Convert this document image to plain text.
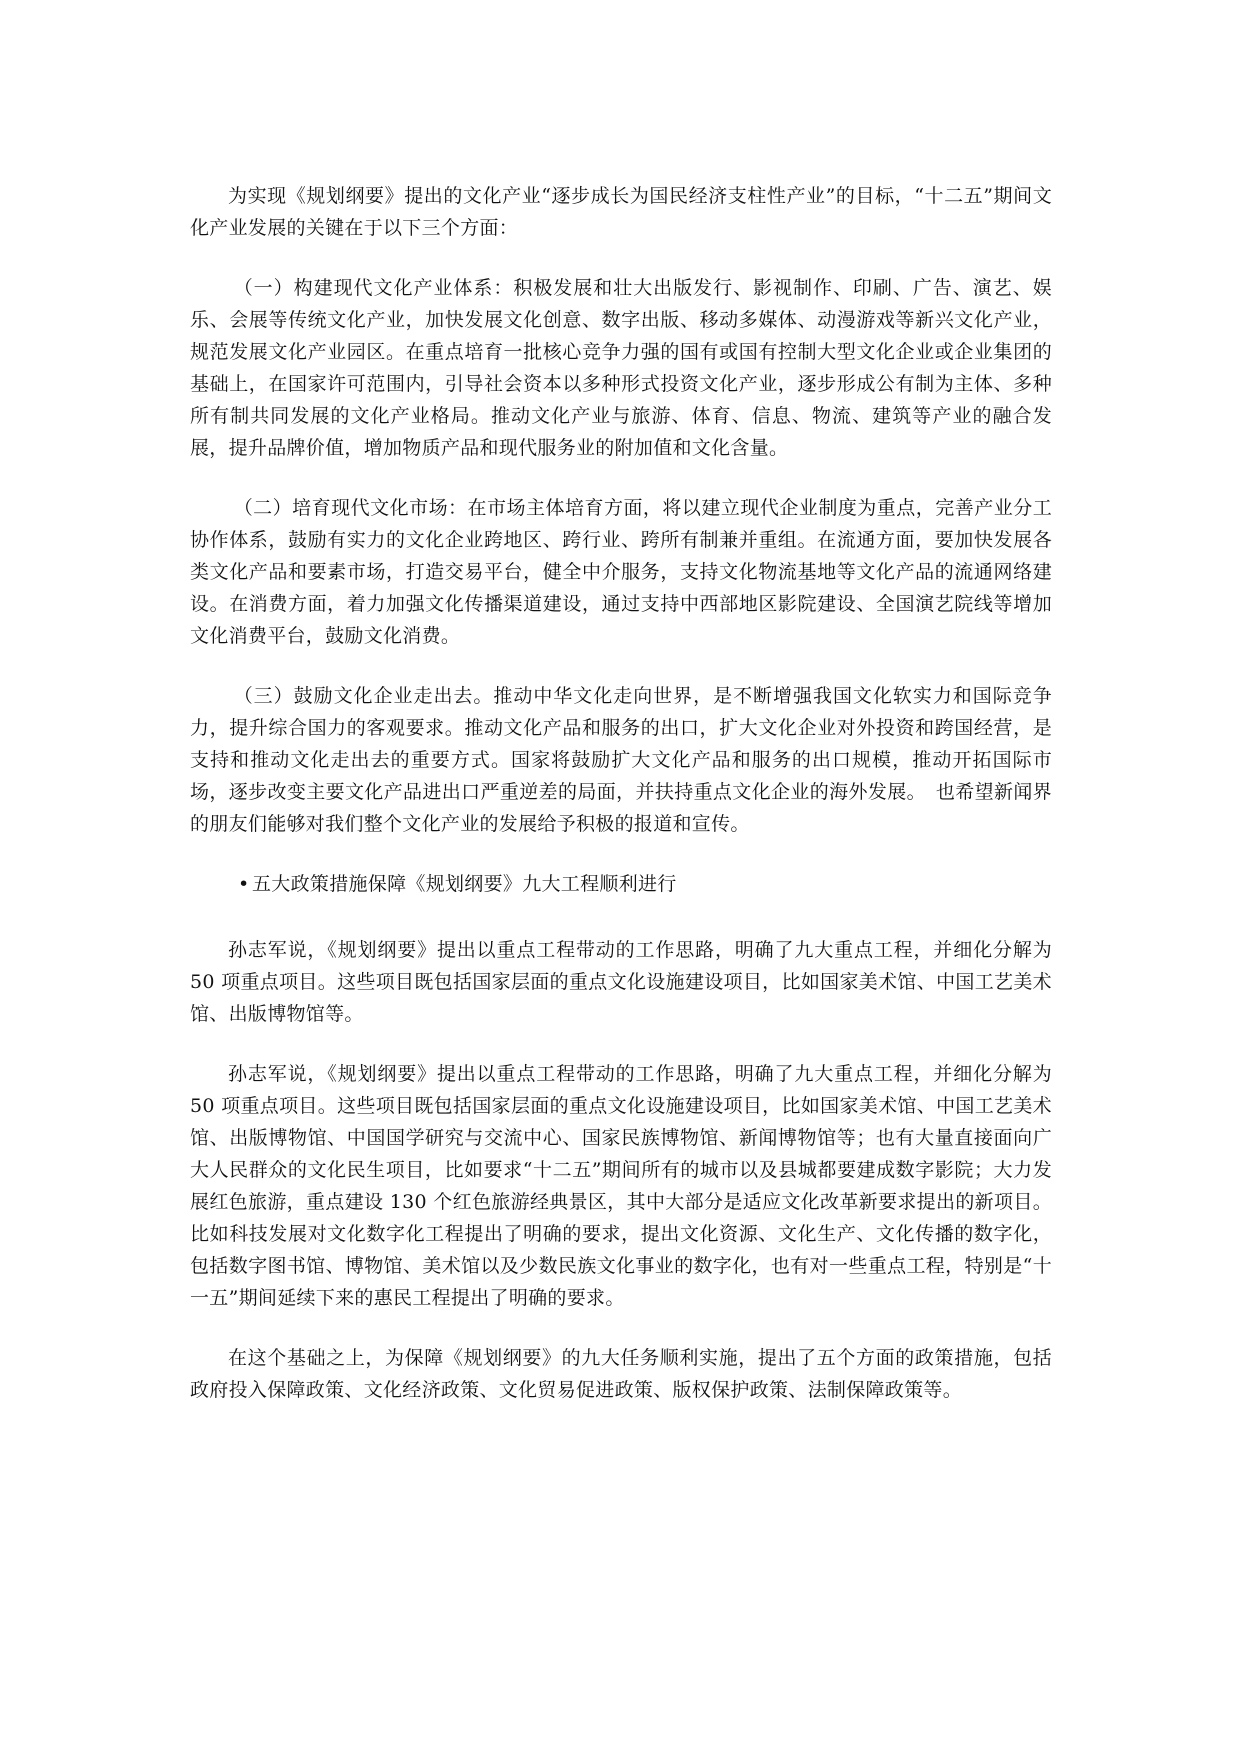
为实现《规划纲要》提出的文化产业“逐步成长为国民经济支柱性产业”的目标，“十二五”期间文化产业发展的关键在于以下三个方面：

（一）构建现代文化产业体系：积极发展和壮大出版发行、影视制作、印刷、广告、演艺、娱乐、会展等传统文化产业，加快发展文化创意、数字出版、移动多媒体、动漫游戏等新兴文化产业，规范发展文化产业园区。在重点培育一批核心竞争力强的国有或国有控制大型文化企业或企业集团的基础上，在国家许可范围内，引导社会资本以多种形式投资文化产业，逐步形成公有制为主体、多种所有制共同发展的文化产业格局。推动文化产业与旅游、体育、信息、物流、建筑等产业的融合发展，提升品牌价值，增加物质产品和现代服务业的附加值和文化含量。

（二）培育现代文化市场：在市场主体培育方面，将以建立现代企业制度为重点，完善产业分工协作体系，鼓励有实力的文化企业跨地区、跨行业、跨所有制兼并重组。在流通方面，要加快发展各类文化产品和要素市场，打造交易平台，健全中介服务，支持文化物流基地等文化产品的流通网络建设。在消费方面，着力加强文化传播渠道建设，通过支持中西部地区影院建设、全国演艺院线等增加文化消费平台，鼓励文化消费。

（三）鼓励文化企业走出去。推动中华文化走向世界，是不断增强我国文化软实力和国际竞争力，提升综合国力的客观要求。推动文化产品和服务的出口，扩大文化企业对外投资和跨国经营，是支持和推动文化走出去的重要方式。国家将鼓励扩大文化产品和服务的出口规模，推动开拓国际市场，逐步改变主要文化产品进出口严重逆差的局面，并扶持重点文化企业的海外发展。　也希望新闻界的朋友们能够对我们整个文化产业的发展给予积极的报道和宣传。

• 五大政策措施保障《规划纲要》九大工程顺利进行

孙志军说，《规划纲要》提出以重点工程带动的工作思路，明确了九大重点工程，并细化分解为 50 项重点项目。这些项目既包括国家层面的重点文化设施建设项目，比如国家美术馆、中国工艺美术馆、出版博物馆等。

孙志军说，《规划纲要》提出以重点工程带动的工作思路，明确了九大重点工程，并细化分解为 50 项重点项目。这些项目既包括国家层面的重点文化设施建设项目，比如国家美术馆、中国工艺美术馆、出版博物馆、中国国学研究与交流中心、国家民族博物馆、新闻博物馆等；也有大量直接面向广大人民群众的文化民生项目，比如要求“十二五”期间所有的城市以及县城都要建成数字影院；大力发展红色旅游，重点建设 130 个红色旅游经典景区，其中大部分是适应文化改革新要求提出的新项目。比如科技发展对文化数字化工程提出了明确的要求，提出文化资源、文化生产、文化传播的数字化，包括数字图书馆、博物馆、美术馆以及少数民族文化事业的数字化，也有对一些重点工程，特别是“十一五”期间延续下来的惠民工程提出了明确的要求。

在这个基础之上，为保障《规划纲要》的九大任务顺利实施，提出了五个方面的政策措施，包括政府投入保障政策、文化经济政策、文化贸易促进政策、版权保护政策、法制保障政策等。
